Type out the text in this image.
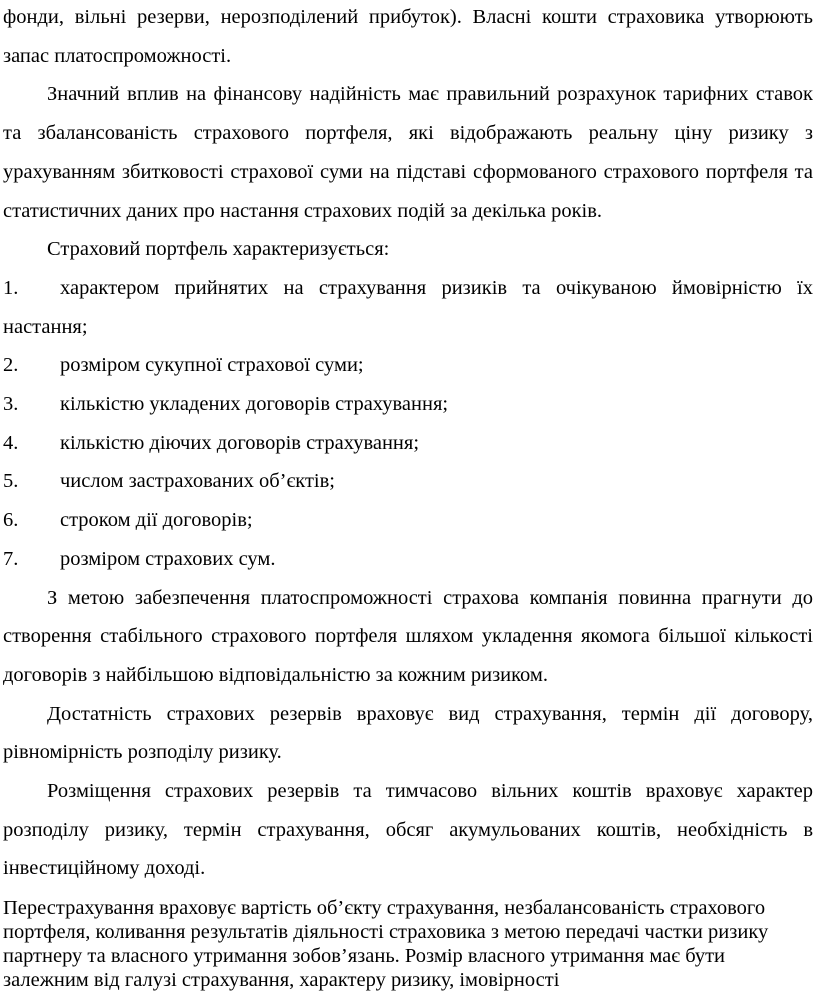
фонди, вільні резерви, нерозподілений прибуток). Власні кошти страховика утворюють запас платоспроможності.

Значний вплив на фінансову надійність має правильний розрахунок тарифних ставок та збалансованість страхового портфеля, які відображають реальну ціну ризику з урахуванням збитковості страхової суми на підставі сформованого страхового портфеля та статистичних даних про настання страхових подій за декілька років.

Страховий портфель характеризується:

1. характером прийнятих на страхування ризиків та очікуваною ймовірністю їх настання;
2.	розміром сукупної страхової суми;
3.	кількістю укладених договорів страхування;
4.	кількістю діючих договорів страхування;
5.	числом застрахованих об’єктів;
6.	строком дії договорів;
7.	розміром страхових сум.

З метою забезпечення платоспроможності страхова компанія повинна прагнути до створення стабільного страхового портфеля шляхом укладення якомога більшої кількості договорів з найбільшою відповідальністю за кожним ризиком.

Достатність страхових резервів враховує вид страхування, термін дії договору, рівномірність розподілу ризику.

Розміщення страхових резервів та тимчасово вільних коштів враховує характер розподілу ризику, термін страхування, обсяг акумульованих коштів, необхідність в інвестиційному доході.

Перестрахування враховує вартість об’єкту страхування, незбалансованість страхового портфеля, коливання результатів діяльності страховика з метою передачі частки ризику партнеру та власного утримання зобов’язань. Розмір власного утримання має бути залежним від галузі страхування, характеру ризику, імовірності
